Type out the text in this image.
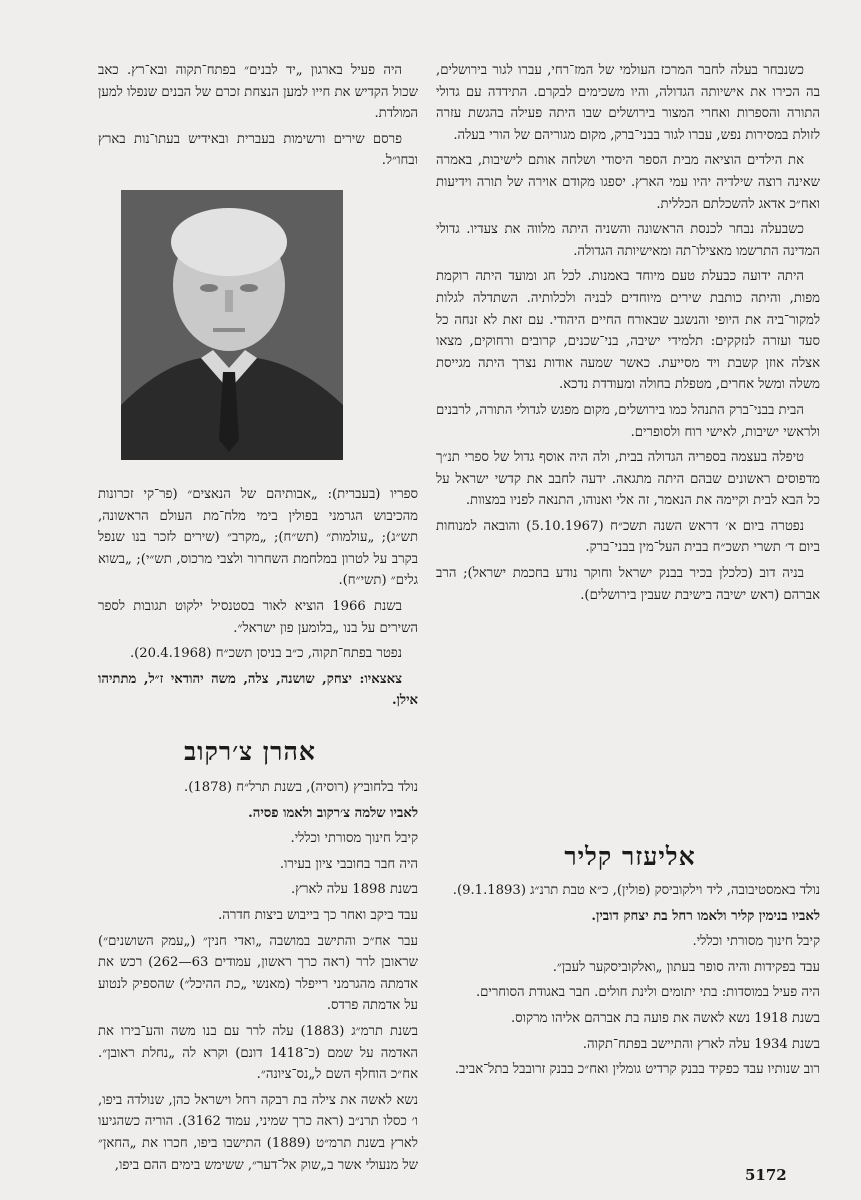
כשנבחר בעלה לחבר המרכז העולמי של המז־רחי, עברו לגור בירושלים, בה הכירו את אישיותה הגדולה, והיו משכימים לבקרם. התידדה עם גדולי התורה והספרות ואחרי המצור בירושלים שבו היתה פעילה בהגשת עזרה לזולת במסירות נפש, עברו לגור בבני־ברק, מקום מגוריהם של הורי בעלה.

את הילדים הוציאה מבית הספר היסודי ושלחה אותם לישיבות, באמרה שאינה רוצה שילדיה יהיו עמי הארץ. יספגו מקודם אוירה של תורה וידיעות ואח״כ אדאג להשכלתם הכללית.

כשבעלה נבחר לכנסת הראשונה והשניה היתה מלווה את צעדיו. גדולי המדינה התרשמו מאצילו־תה ומאישיותה הגדולה.

היתה ידועה כבעלת טעם מיוחד באמנות. לכל חג ומועד היתה רוקמת מפות, והיתה כותבת שירים מיוחדים לבניה ולכלותיה. השתדלה לגלות למקור־ביה את היופי והנשגב שבאורח החיים היהודי. עם זאת לא זנחה כל סעד ועזרה לנזקקים: תלמידי ישיבה, בני־שכנים, קרובים ורחוקים, מצאו אצלה אוזן קשבת ויד מסייעת. כאשר שמעה אודות נצרך היתה מגייסת משלה ומשל אחרים, מטפלת בחולה ומעודדת נדכא.

הבית בבני־ברק התנהל כמו בירושלים, מקום מפגש לגדולי התורה, לרבנים ולראשי ישיבות, לאישי רוח ולסופרים.

טיפלה בעצמה בספריה הגדולה בבית, ולה היה אוסף גדול של ספרי תנ״ך מדפוסים ראשונים שבהם היתה מתגאה. ידעה לחבב את קדשי ישראל על כל הבא לבית וקיימה את הנאמר, זה אלי ואנוהו, התנאה לפניו במצוות.

נפטרה ביום א׳ דראש השנה תשכ״ח (5.10.1967) והובאה למנוחות ביום ד׳ תשרי תשכ״ח בבית העל־מין בבני־ברק.

בניה דוב (כלכלן בכיר בבנק ישראל וחוקר נודע בחכמת ישראל); הרב אברהם (ראש ישיבה בישיבת שעבין בירושלים).

אליעזר קליר

נולד באמסטיבובה, ליד וילקוביסק (פולין), כ״א טבת תרנ״ג (9.1.1893).

לאביו בנימין קליר ולאמו רחל בת יצחק דובין.

קיבל חינוך מסורתי וכללי.

עבד בפקידות והיה סופר בעתון „ואלקוביסקער לעבן״.

היה פעיל במוסדות: בתי יתומים ולינת חולים. חבר באגודת הסוחרים.

בשנת 1918 נשא לאשה את פועה בת אברהם אליהו מרקוס.

בשנת 1934 עלה לארץ והתיישב בפתח־תקוה.

רוב שנותיו עבד כפקיד בבנק קרדיט גומלין ואח״כ בבנק זרובבל בתל־אביב.

היה פעיל בארגון „יד לבנים״ בפתח־תקוה ובא־רץ. כאב שכול הקדיש את חייו למען הנצחת זכרם של הבנים שנפלו למען המולדת.

פרסם שירים ורשימות בעברית ובאידיש בעתו־נות בארץ ובחו״ל.

ספריו (בעברית): „אבותיהם של הנאצים״ (פר־קי זכרונות מהכיבוש הגרמני בפולין בימי מלח־מת העולם הראשונה, תש״ג); „עולמות״ (תש״ח); „מקרב״ (שירים לזכר בנו שנפל בקרב על לטרון במלחמת השחרור ולצבי מרכוס, תש״י); „בשוא גלים״ (תשי״ח).

בשנת 1966 הוציא לאור בסטנסיל ילקוט תגובות לספר השירים על בנו „בלומען פון ישראל״.

נפטר בפתח־תקוה, כ״ב בניסן תשכ״ח (20.4.1968).

צאצאיו: יצחק, שושנה, צלה, משה יהודאי ז״ל, מתתיהו אילן.

אהרן צ׳רקוב

נולד בלחוביץ (רוסיה), בשנת תרל״ח (1878).

לאביו שלמה צ׳רקוב ולאמו פסיה.

קיבל חינוך מסורתי וכללי.

היה חבר בחובבי ציון בעירו.

בשנת 1898 עלה לארץ.

עבד ביקב ואחר כך בייבוש ביצות חדרה.

עבר אח״כ והתישב במושבה „ואדי חנין״ („עמק השושנים״) שראובן לרר (ראה כרך ראשון, עמודים 63—262) רכש את אדמתה מהגרמני רייפלר (מאנשי „כת ההיכל״) שהספיק לנטוע על אדמתה פרדס.

בשנת תרמ״ג (1883) עלה לרר עם בנו משה והע־בירו את האדמה על שמם (כ־1418 דונם) וקרא לה „נחלת ראובן״. אח״כ הוחלף השם ל„נס־ציונה״.

נשא לאשה את צילה בת רבקה רחל וישראל כהן, שנולדה ביפו, ו׳ כסלו תרנ״ב (ראה כרך שמיני, עמוד 3162). הוריה כשהגיעו לארץ בשנת תרמ״ט (1889) התישבו ביפו, חכרו את „החאן״ של מנעולי אשר ב„שוק אל־דער״, ששימש בימים ההם ביפו,

5172
